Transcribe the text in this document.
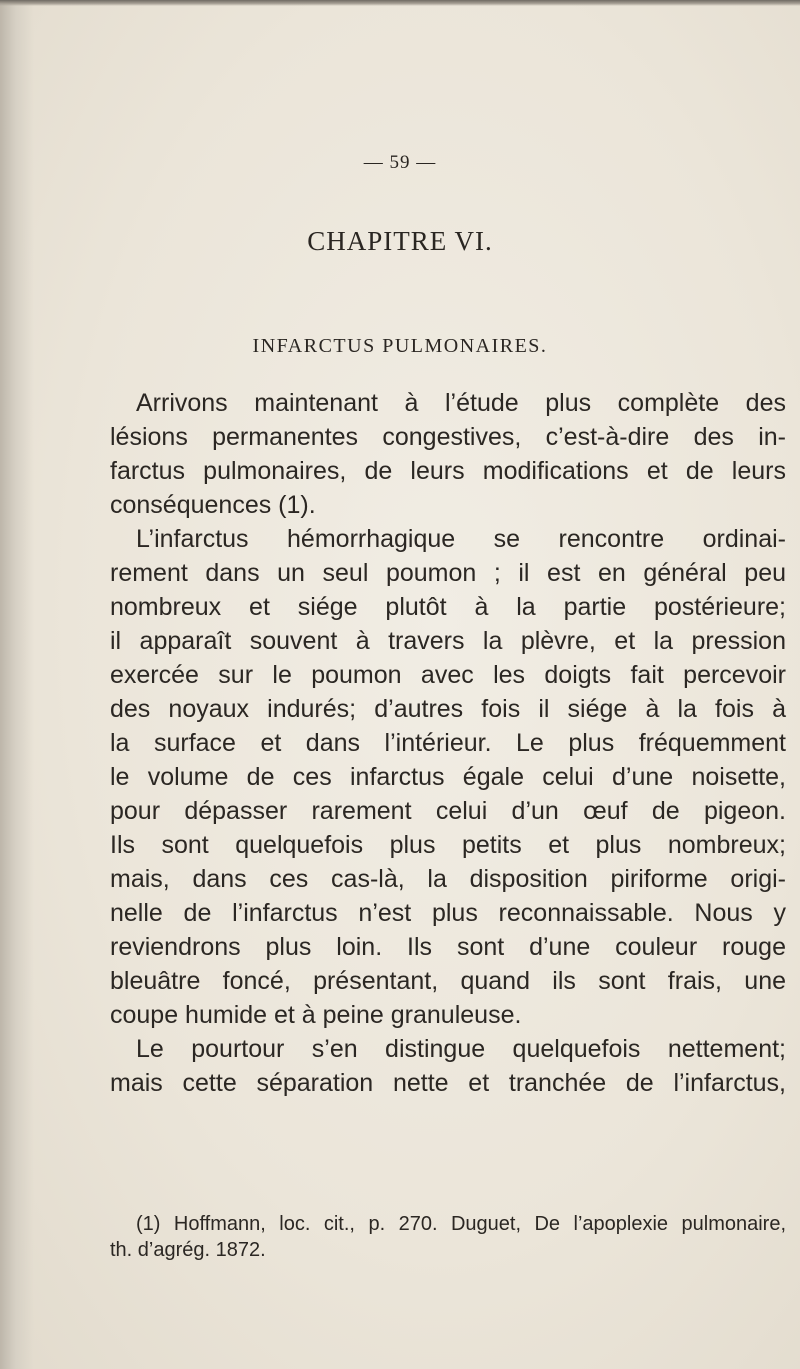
— 59 —
CHAPITRE VI.
INFARCTUS PULMONAIRES.
Arrivons maintenant à l’étude plus complète des
lésions permanentes congestives, c’est-à-dire des in-
farctus pulmonaires, de leurs modifications et de leurs
conséquences (1).
L’infarctus hémorrhagique se rencontre ordinai-
rement dans un seul poumon ; il est en général peu
nombreux et siége plutôt à la partie postérieure;
il apparaît souvent à travers la plèvre, et la pression
exercée sur le poumon avec les doigts fait percevoir
des noyaux indurés; d’autres fois il siége à la fois à
la surface et dans l’intérieur. Le plus fréquemment
le volume de ces infarctus égale celui d’une noisette,
pour dépasser rarement celui d’un œuf de pigeon.
Ils sont quelquefois plus petits et plus nombreux;
mais, dans ces cas-là, la disposition piriforme origi-
nelle de l’infarctus n’est plus reconnaissable. Nous y
reviendrons plus loin. Ils sont d’une couleur rouge
bleuâtre foncé, présentant, quand ils sont frais, une
coupe humide et à peine granuleuse.
Le pourtour s’en distingue quelquefois nettement;
mais cette séparation nette et tranchée de l’infarctus,
(1) Hoffmann, loc. cit., p. 270. Duguet, De l’apoplexie pulmonaire,
th. d’agrég. 1872.
